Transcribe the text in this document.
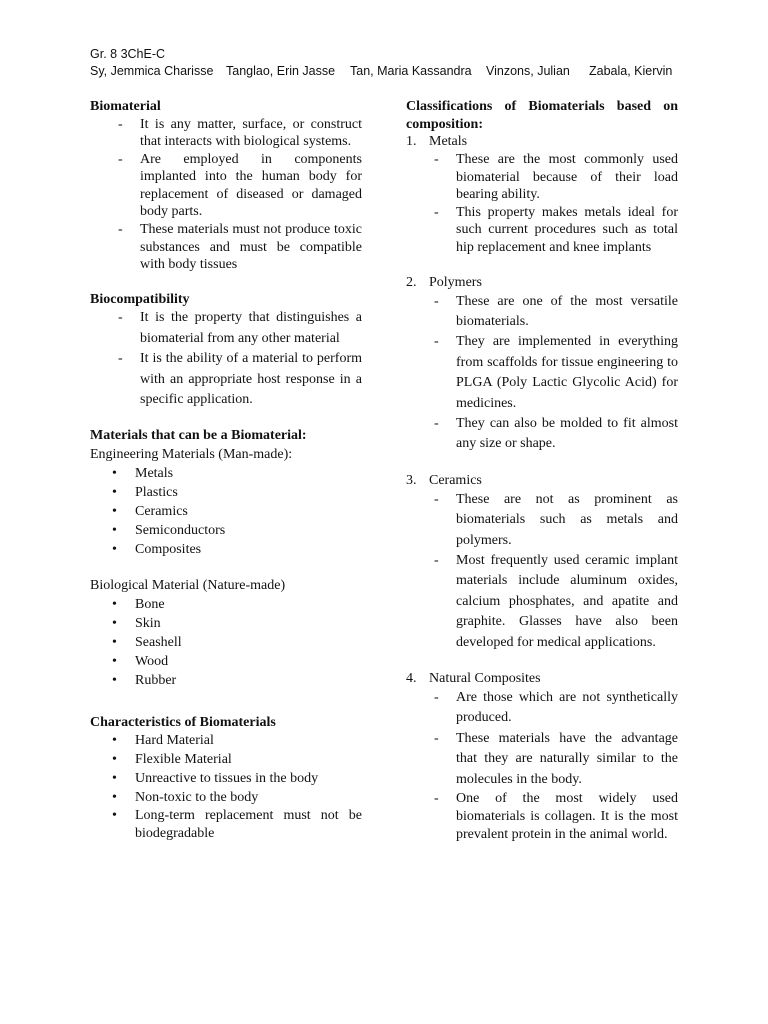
Gr. 8 3ChE-C
Sy, Jemmica Charisse Tanglao, Erin Jasse Tan, Maria Kassandra Vinzons, Julian Zabala, Kiervin
Biomaterial
- It is any matter, surface, or construct that interacts with biological systems.
- Are employed in components implanted into the human body for replacement of diseased or damaged body parts.
- These materials must not produce toxic substances and must be compatible with body tissues
Biocompatibility
- It is the property that distinguishes a biomaterial from any other material
- It is the ability of a material to perform with an appropriate host response in a specific application.
Materials that can be a Biomaterial:
Engineering Materials (Man-made):
• Metals
• Plastics
• Ceramics
• Semiconductors
• Composites
Biological Material (Nature-made)
• Bone
• Skin
• Seashell
• Wood
• Rubber
Characteristics of Biomaterials
• Hard Material
• Flexible Material
• Unreactive to tissues in the body
• Non-toxic to the body
• Long-term replacement must not be biodegradable
Classifications of Biomaterials based on composition:
1. Metals
- These are the most commonly used biomaterial because of their load bearing ability.
- This property makes metals ideal for such current procedures such as total hip replacement and knee implants
2. Polymers
- These are one of the most versatile biomaterials.
- They are implemented in everything from scaffolds for tissue engineering to PLGA (Poly Lactic Glycolic Acid) for medicines.
- They can also be molded to fit almost any size or shape.
3. Ceramics
- These are not as prominent as biomaterials such as metals and polymers.
- Most frequently used ceramic implant materials include aluminum oxides, calcium phosphates, and apatite and graphite. Glasses have also been developed for medical applications.
4. Natural Composites
- Are those which are not synthetically produced.
- These materials have the advantage that they are naturally similar to the molecules in the body.
- One of the most widely used biomaterials is collagen. It is the most prevalent protein in the animal world.
